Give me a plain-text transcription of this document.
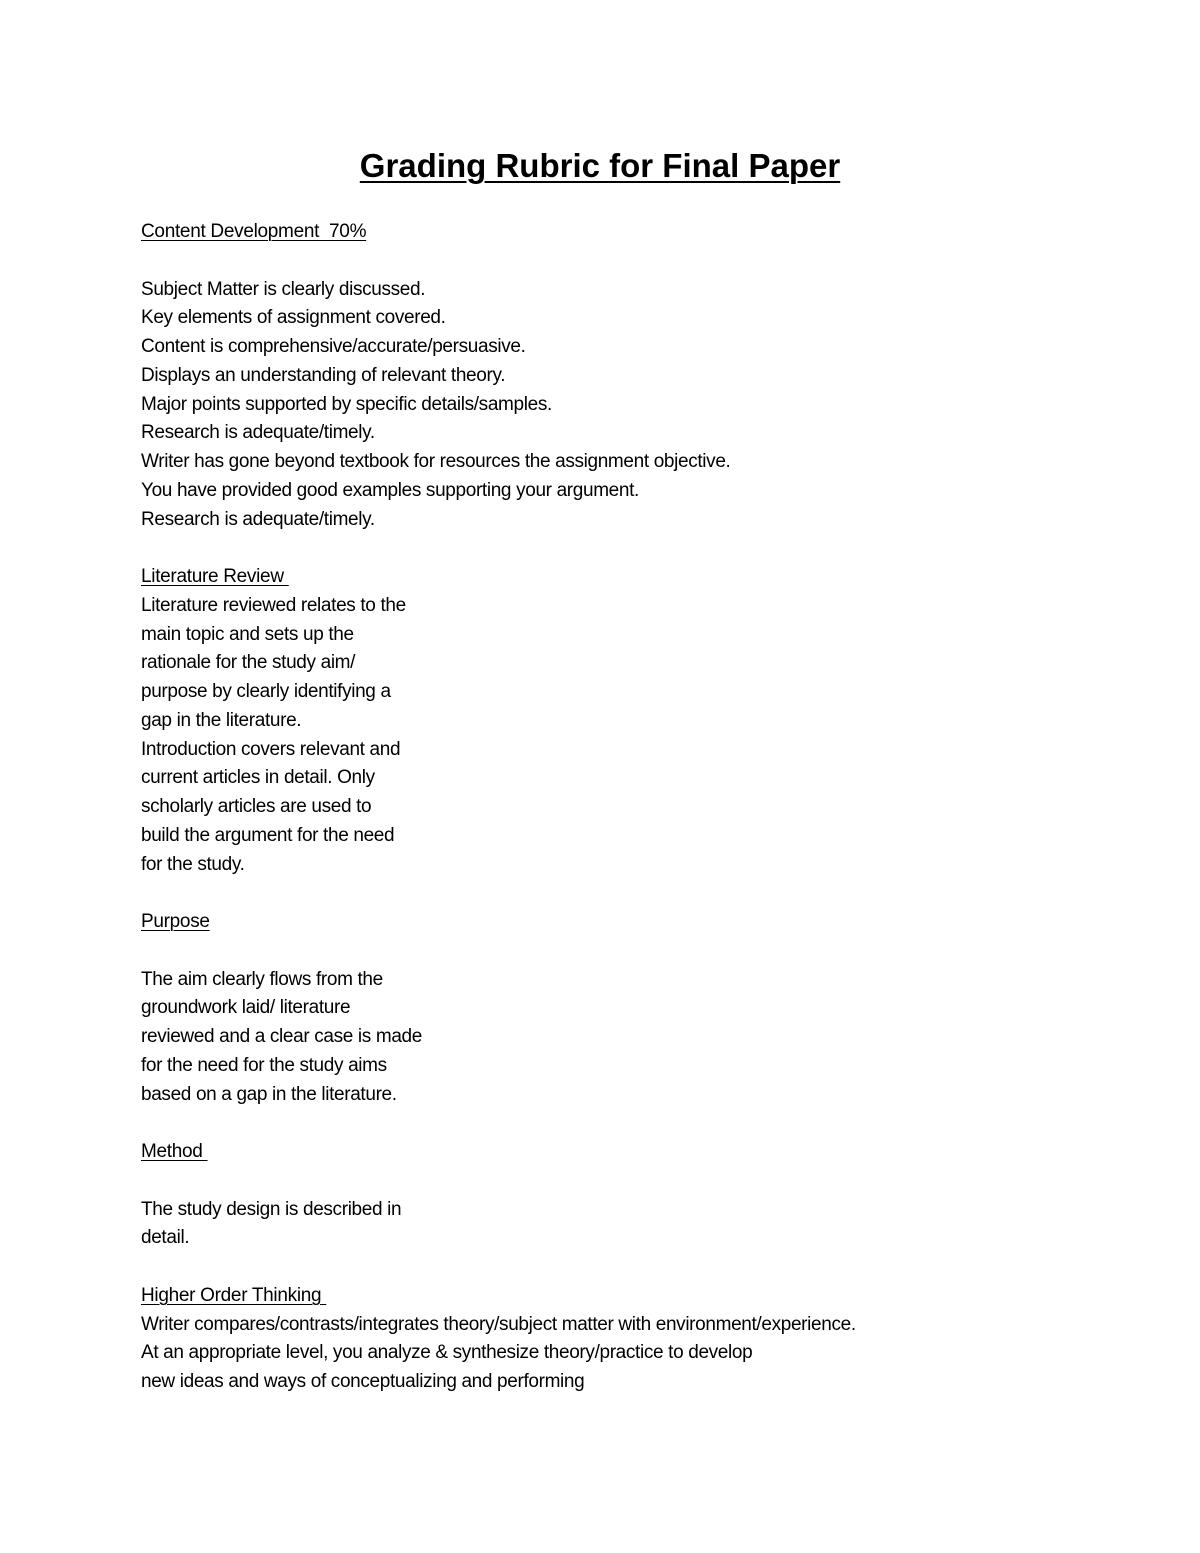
Grading Rubric for Final Paper
Content Development  70%
Subject Matter is clearly discussed.
Key elements of assignment covered.
Content is comprehensive/accurate/persuasive.
Displays an understanding of relevant theory.
Major points supported by specific details/samples.
Research is adequate/timely.
Writer has gone beyond textbook for resources the assignment objective.
You have provided good examples supporting your argument.
Research is adequate/timely.
Literature Review
Literature reviewed relates to the
main topic and sets up the
rationale for the study aim/
purpose by clearly identifying a
gap in the literature.
Introduction covers relevant and
current articles in detail. Only
scholarly articles are used to
build the argument for the need
for the study.
Purpose
The aim clearly flows from the
groundwork laid/ literature
reviewed and a clear case is made
for the need for the study aims
based on a gap in the literature.
Method
The study design is described in
detail.
Higher Order Thinking
Writer compares/contrasts/integrates theory/subject matter with environment/experience.
At an appropriate level, you analyze & synthesize theory/practice to develop
new ideas and ways of conceptualizing and performing
